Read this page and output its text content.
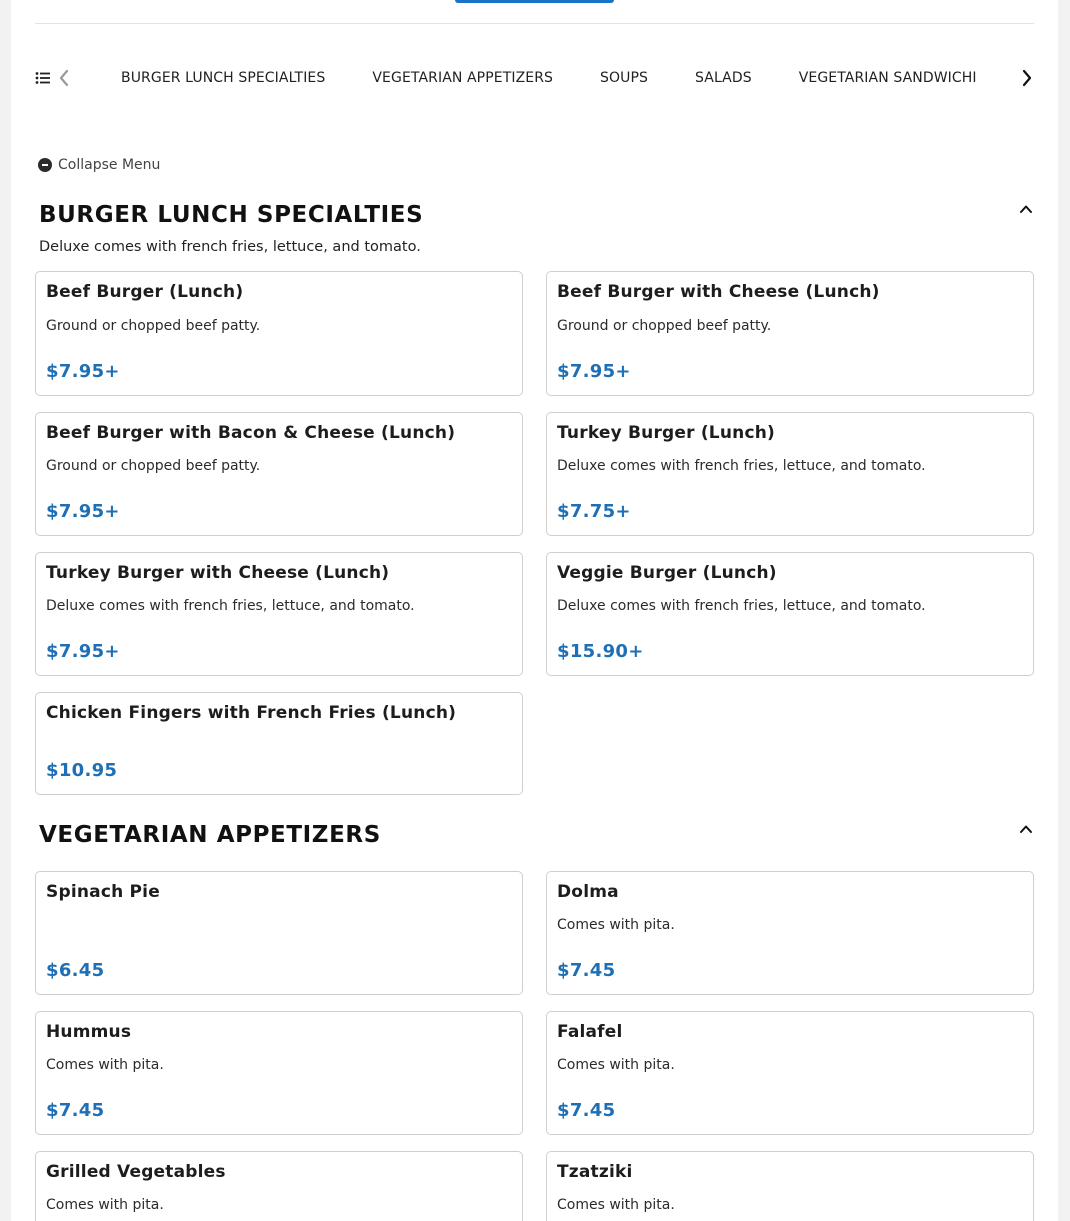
BURGER LUNCH SPECIALTIES	VEGETARIAN APPETIZERS	SOUPS	SALADS	VEGETARIAN SANDWICHI
Collapse Menu
BURGER LUNCH SPECIALTIES
Deluxe comes with french fries, lettuce, and tomato.
Beef Burger (Lunch)
Ground or chopped beef patty.
$7.95+
Beef Burger with Cheese (Lunch)
Ground or chopped beef patty.
$7.95+
Beef Burger with Bacon & Cheese (Lunch)
Ground or chopped beef patty.
$7.95+
Turkey Burger (Lunch)
Deluxe comes with french fries, lettuce, and tomato.
$7.75+
Turkey Burger with Cheese (Lunch)
Deluxe comes with french fries, lettuce, and tomato.
$7.95+
Veggie Burger (Lunch)
Deluxe comes with french fries, lettuce, and tomato.
$15.90+
Chicken Fingers with French Fries (Lunch)
$10.95
VEGETARIAN APPETIZERS
Spinach Pie
$6.45
Dolma
Comes with pita.
$7.45
Hummus
Comes with pita.
$7.45
Falafel
Comes with pita.
$7.45
Grilled Vegetables
Comes with pita.
Tzatziki
Comes with pita.
